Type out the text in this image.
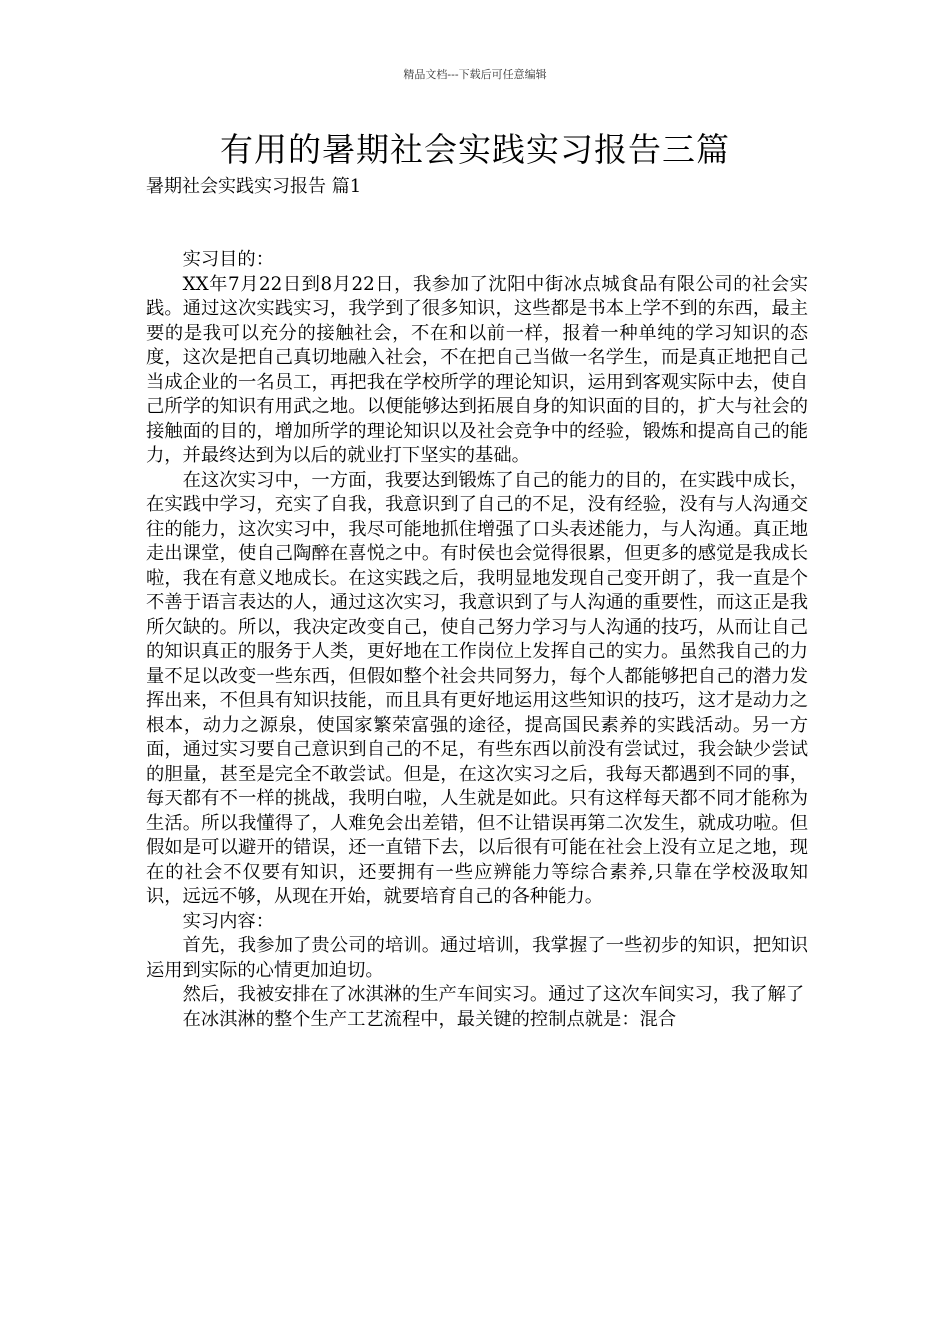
精品文档---下载后可任意编辑
有用的暑期社会实践实习报告三篇
暑期社会实践实习报告 篇1

实习目的：

XX年7月22日到8月22日，我参加了沈阳中街冰点城食品有限公司的社会实践。通过这次实践实习，我学到了很多知识，这些都是书本上学不到的东西，最主要的是我可以充分的接触社会，不在和以前一样，报着一种单纯的学习知识的态度，这次是把自己真切地融入社会，不在把自己当做一名学生，而是真正地把自己当成企业的一名员工，再把我在学校所学的理论知识，运用到客观实际中去，使自己所学的知识有用武之地。以便能够达到拓展自身的知识面的目的，扩大与社会的接触面的目的，增加所学的理论知识以及社会竞争中的经验，锻炼和提高自己的能力，并最终达到为以后的就业打下坚实的基础。

在这次实习中，一方面，我要达到锻炼了自己的能力的目的，在实践中成长，在实践中学习，充实了自我，我意识到了自己的不足，没有经验，没有与人沟通交往的能力，这次实习中，我尽可能地抓住增强了口头表述能力，与人沟通。真正地走出课堂，使自己陶醉在喜悦之中。有时侯也会觉得很累，但更多的感觉是我成长啦，我在有意义地成长。在这实践之后，我明显地发现自己变开朗了，我一直是个不善于语言表达的人，通过这次实习，我意识到了与人沟通的重要性，而这正是我所欠缺的。所以，我决定改变自己，使自己努力学习与人沟通的技巧，从而让自己的知识真正的服务于人类，更好地在工作岗位上发挥自己的实力。虽然我自己的力量不足以改变一些东西，但假如整个社会共同努力，每个人都能够把自己的潜力发挥出来，不但具有知识技能，而且具有更好地运用这些知识的技巧，这才是动力之根本，动力之源泉，使国家繁荣富强的途径，提高国民素养的实践活动。另一方面，通过实习要自己意识到自己的不足，有些东西以前没有尝试过，我会缺少尝试的胆量，甚至是完全不敢尝试。但是，在这次实习之后，我每天都遇到不同的事，每天都有不一样的挑战，我明白啦，人生就是如此。只有这样每天都不同才能称为生活。所以我懂得了，人难免会出差错，但不让错误再第二次发生，就成功啦。但假如是可以避开的错误，还一直错下去，以后很有可能在社会上没有立足之地，现在的社会不仅要有知识，还要拥有一些应辨能力等综合素养,只靠在学校汲取知识，远远不够，从现在开始，就要培育自己的各种能力。

实习内容：

首先，我参加了贵公司的培训。通过培训，我掌握了一些初步的知识，把知识运用到实际的心情更加迫切。

然后，我被安排在了冰淇淋的生产车间实习。通过了这次车间实习，我了解了

在冰淇淋的整个生产工艺流程中，最关键的控制点就是：混合
